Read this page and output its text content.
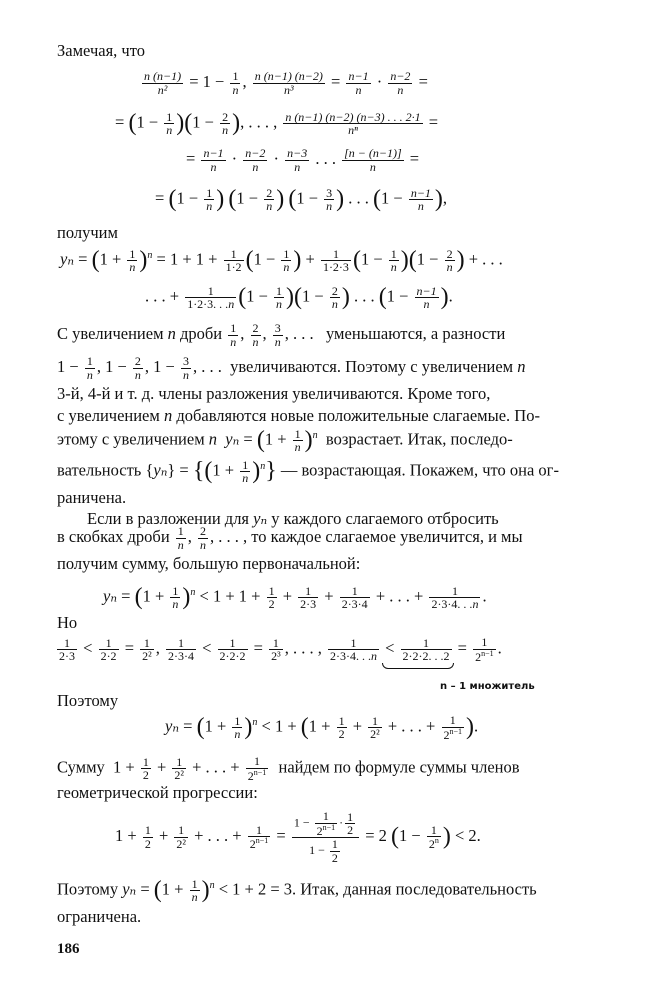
Замечая, что
$\frac{n (n-1)}{\text{n²}} = 1 - \frac{1}{n}$ , $\frac{n (n-1) (n-2)}{\text{n³}} = \frac{n-1}{n} \cdot \frac{n-2}{n}$ =
= $(1 - \frac{1}{n} )(1 - \frac{2}{n}$ ), . . . , $\frac{n (n-1) (n-2) (n-3) . . . 2\cdot 1}{\text{nⁿ}}$ =
= $\frac{n-1}{n} \cdot \frac{n-2}{n} \cdot \frac{n-3}{n}$ . . . $\frac{[n - (n-1)]}{n}$ =
= ($1 - \frac{1}{n}$ ) ($1 - \frac{2}{n}$ ) ($1 - \frac{3}{n}$ ) . . . ($1 - \frac{n-1}{n}$ ),
получим
$y_n = (1 + \frac{1}{n} )^n = 1 + 1 + \frac{1}{1\cdot 2} (1 - \frac{1}{n}$ ) + $\frac{1}{1\cdot 2\cdot 3} (1 - \frac{1}{n} )(1 - \frac{2}{n}$ ) + . . .
. . . + $\frac{1}{1\cdot 2\cdot 3. . .n} (1 - \frac{1}{n} )(1 - \frac{2}{n}$ ) . . . ($1 - \frac{n-1}{n}$ ).
С увеличением n дроби $\frac{1}{n}$ , $\frac{2}{n}$ , $\frac{3}{n}$ , . . .   уменьшаются, а разности
$1 - \frac{1}{n}$ , $1 - \frac{2}{n}$ , $1 - \frac{3}{n}$ , . . .  увеличиваются. Поэтому с увеличением n
3-й, 4-й и т. д. члены разложения увеличиваются. Кроме того,
с увеличением n добавляются новые положительные слагаемые. По-
этому с увеличением n $y_n = (1 + \frac{1}{n} )^n$ возрастает. Итак, последо-
вательность $\{y_n\} = \{(1 + \frac{1}{n} )^n\}$ — возрастающая. Покажем, что она ог-
раничена.
Если в разложении для yₙ у каждого слагаемого отбросить
в скобках дроби $\frac{1}{n}$ , $\frac{2}{n}$ , . . . , то каждое слагаемое увеличится, и мы
получим сумму, большую первоначальной:
$y_n = (1 + \frac{1}{n} )^n < 1 + 1 + \frac{1}{2} + \frac{1}{2\cdot 3} + \frac{1}{2\cdot 3\cdot 4}$ + . . . + $\frac{1}{2\cdot 3\cdot 4. . .n}$ .
Но
$\frac{1}{2\cdot 3} < \frac{1}{2\cdot 2} = \frac{1}{\text{2²}}$ , $\frac{1}{2\cdot 3\cdot 4} < \frac{1}{2\cdot 2\cdot 2} = \frac{1}{\text{2³}}$ , . . . , $\frac{1}{2\cdot 3\cdot 4. . .n} < \frac{1}{2\cdot 2\cdot 2. . .2} = \frac{1}{2^{n-1}}$ .
n – 1 множитель
Поэтому
$y_n = (1 + \frac{1}{n} )^n < 1 + (1 + \frac{1}{2} + \frac{1}{\text{2²}}$ + . . . + $\frac{1}{2^{n-1}}$ ).
Сумму  $1 + \frac{1}{2} + \frac{1}{\text{2²}}$ + . . . + $\frac{1}{2^{n-1}}$ найдем по формуле суммы членов
геометрической прогрессии:
$1 + \frac{1}{2} + \frac{1}{\text{2²}}$ + . . . + $\frac{1}{2^{n-1}} = \frac{1 - \frac{1}{2^{n-1}} \cdot \frac{1}{2}}{1 - \frac{1}{2}} = 2$ ($1 - \frac{1}{2^n}$ ) < 2.
Поэтому $y_n = (1 + \frac{1}{n} )^n < 1 + 2 = 3$. Итак, данная последовательность
ограничена.
186
